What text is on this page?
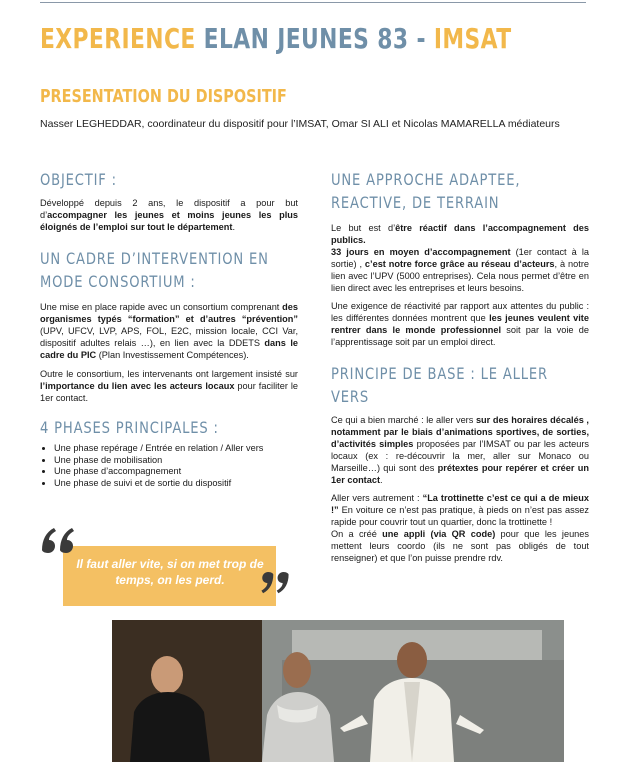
EXPERIENCE ELAN JEUNES 83 - IMSAT
PRESENTATION DU DISPOSITIF
Nasser LEGHEDDAR, coordinateur du dispositif pour l’IMSAT, Omar SI ALI et Nicolas MAMARELLA médiateurs
OBJECTIF :

Développé depuis 2 ans, le dispositif a pour but d’accompagner les jeunes et moins jeunes les plus éloignés de l’emploi sur tout le département.

UN CADRE D’INTERVENTION EN MODE CONSORTIUM :

Une mise en place rapide avec un consortium comprenant des organismes typés “formation” et d’autres “prévention” (UPV, UFCV, LVP, APS, FOL, E2C, mission locale, CCI Var, dispositif adultes relais …), en lien avec la DDETS dans le cadre du PIC (Plan Investissement Compétences).

Outre le consortium, les intervenants ont largement insisté sur l’importance du lien avec les acteurs locaux pour faciliter le 1er contact.

4 PHASES PRINCIPALES :
• Une phase repérage / Entrée en relation / Aller vers
• Une phase de mobilisation
• Une phase d’accompagnement
• Une phase de suivi et de sortie du dispositif
Il faut aller vite, si on met trop de temps, on les perd.
UNE APPROCHE ADAPTEE, REACTIVE, DE TERRAIN

Le but est d’être réactif dans l’accompagnement des publics.
33 jours en moyen d’accompagnement (1er contact à la sortie) , c’est notre force grâce au réseau d’acteurs, à notre lien avec l’UPV (5000 entreprises). Cela nous permet d’être en lien direct avec les entreprises et leurs besoins.

Une exigence de réactivité par rapport aux attentes du public : les différentes données montrent que les jeunes veulent vite rentrer dans le monde professionnel soit par la voie de l’apprentissage soit par un emploi direct.

PRINCIPE DE BASE : LE ALLER VERS

Ce qui a bien marché : le aller vers sur des horaires décalés , notamment par le biais d’animations sportives, de sorties, d’activités simples proposées par l’IMSAT ou par les acteurs locaux (ex : re-découvrir la mer, aller sur Monaco ou Marseille…) qui sont des prétextes pour repérer et créer un 1er contact.

Aller vers autrement : “La trottinette c’est ce qui a de mieux !” En voiture ce n’est pas pratique, à pieds on n’est pas assez rapide pour couvrir tout un quartier, donc la trottinette !

On a créé une appli (via QR code) pour que les jeunes mettent leurs coordo (ils ne sont pas obligés de tout renseigner) et que l’on puisse prendre rdv.
